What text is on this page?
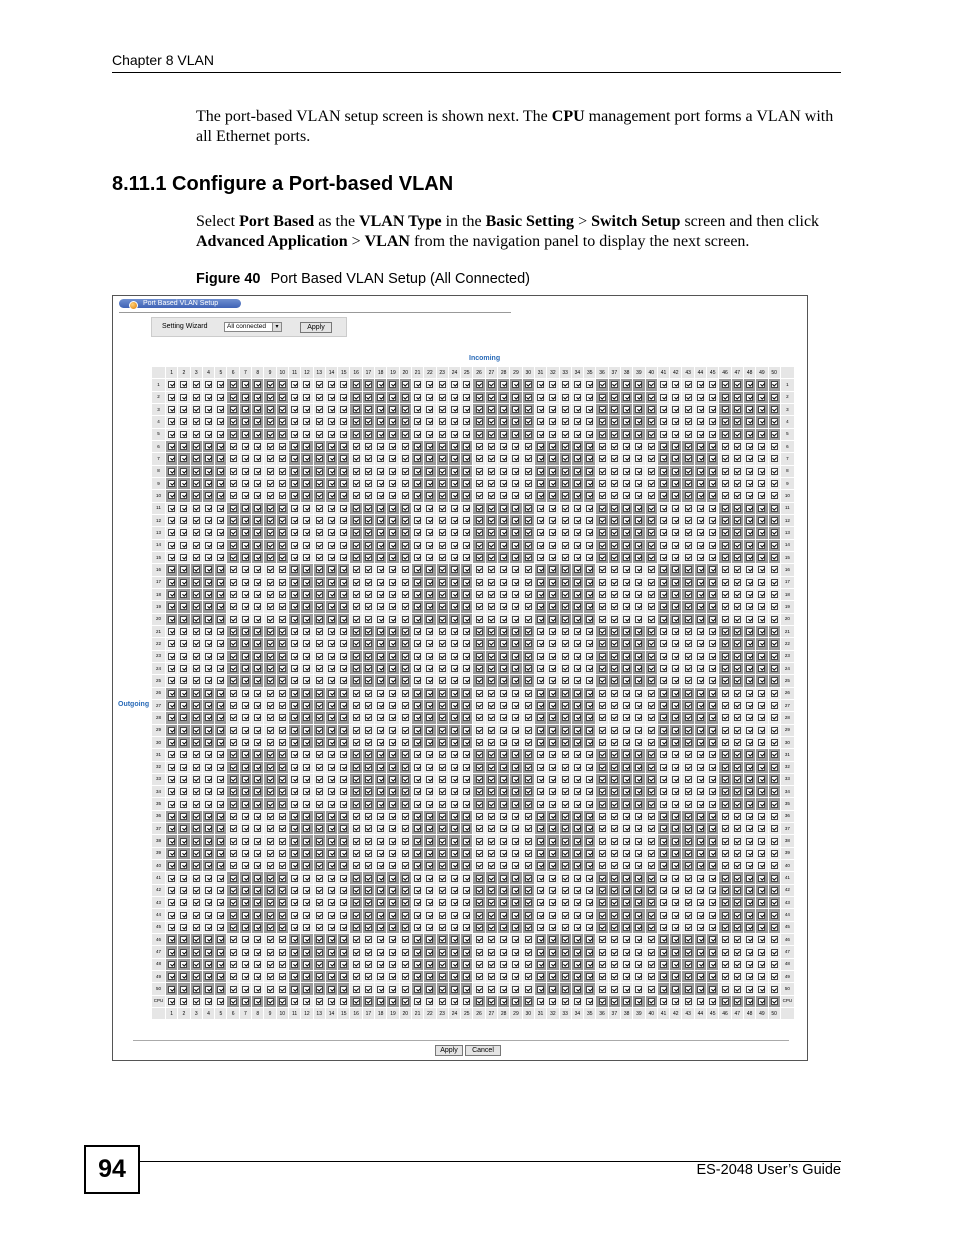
Chapter 8 VLAN
The port-based VLAN setup screen is shown next. The CPU management port forms a VLAN with all Ethernet ports.
8.11.1 Configure a Port-based VLAN
Select Port Based as the VLAN Type in the Basic Setting > Switch Setup screen and then click Advanced Application > VLAN from the navigation panel to display the next screen.
Figure 40 Port Based VLAN Setup (All Connected)
Port Based VLAN Setup
Setting Wizard	All connected	▾	Apply
Incoming
Outgoing
	1	2	3	4	5	6	7	8	9	10	11	12	13	14	15	16	17	18	19	20	21	22	23	24	25	26	27	28	29	30	31	32	33	34	35	36	37	38	39	40	41	42	43	44	45	46	47	48	49	50	
1																																																			1
2																																																			2
3																																																			3
4																																																			4
5																																																			5
6																																																			6
7																																																			7
8																																																			8
9																																																			9
10																																																			10
11																																																			11
12																																																			12
13																																																			13
14																																																			14
15																																																			15
16																																																			16
17																																																			17
18																																																			18
19																																																			19
20																																																			20
21																																																			21
22																																																			22
23																																																			23
24																																																			24
25																																																			25
26																																																			26
27																																																			27
28																																																			28
29																																																			29
30																																																			30
31																																																			31
32																																																			32
33																																																			33
34																																																			34
35																																																			35
36																																																			36
37																																																			37
38																																																			38
39																																																			39
40																																																			40
41																																																			41
42																																																			42
43																																																			43
44																																																			44
45																																																			45
46																																																			46
47																																																			47
48																																																			48
49																																																			49
50																																																			50
CPU																																																			CPU
	1	2	3	4	5	6	7	8	9	10	11	12	13	14	15	16	17	18	19	20	21	22	23	24	25	26	27	28	29	30	31	32	33	34	35	36	37	38	39	40	41	42	43	44	45	46	47	48	49	50	
Apply	Cancel
94	ES-2048 User’s Guide
